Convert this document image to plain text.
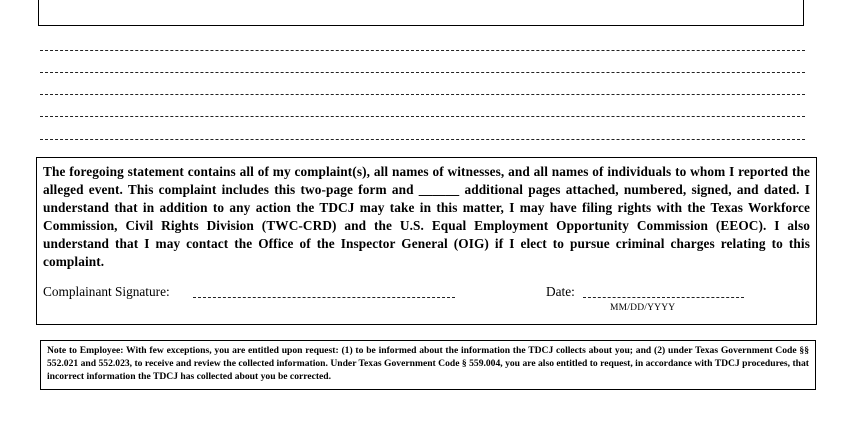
The foregoing statement contains all of my complaint(s), all names of witnesses, and all names of individuals to whom I reported the alleged event. This complaint includes this two-page form and ______ additional pages attached, numbered, signed, and dated. I understand that in addition to any action the TDCJ may take in this matter, I may have filing rights with the Texas Workforce Commission, Civil Rights Division (TWC-CRD) and the U.S. Equal Employment Opportunity Commission (EEOC). I also understand that I may contact the Office of the Inspector General (OIG) if I elect to pursue criminal charges relating to this complaint.

Complainant Signature:	Date:
MM/DD/YYYY

Note to Employee: With few exceptions, you are entitled upon request: (1) to be informed about the information the TDCJ collects about you; and (2) under Texas Government Code §§ 552.021 and 552.023, to receive and review the collected information. Under Texas Government Code § 559.004, you are also entitled to request, in accordance with TDCJ procedures, that incorrect information the TDCJ has collected about you be corrected.
